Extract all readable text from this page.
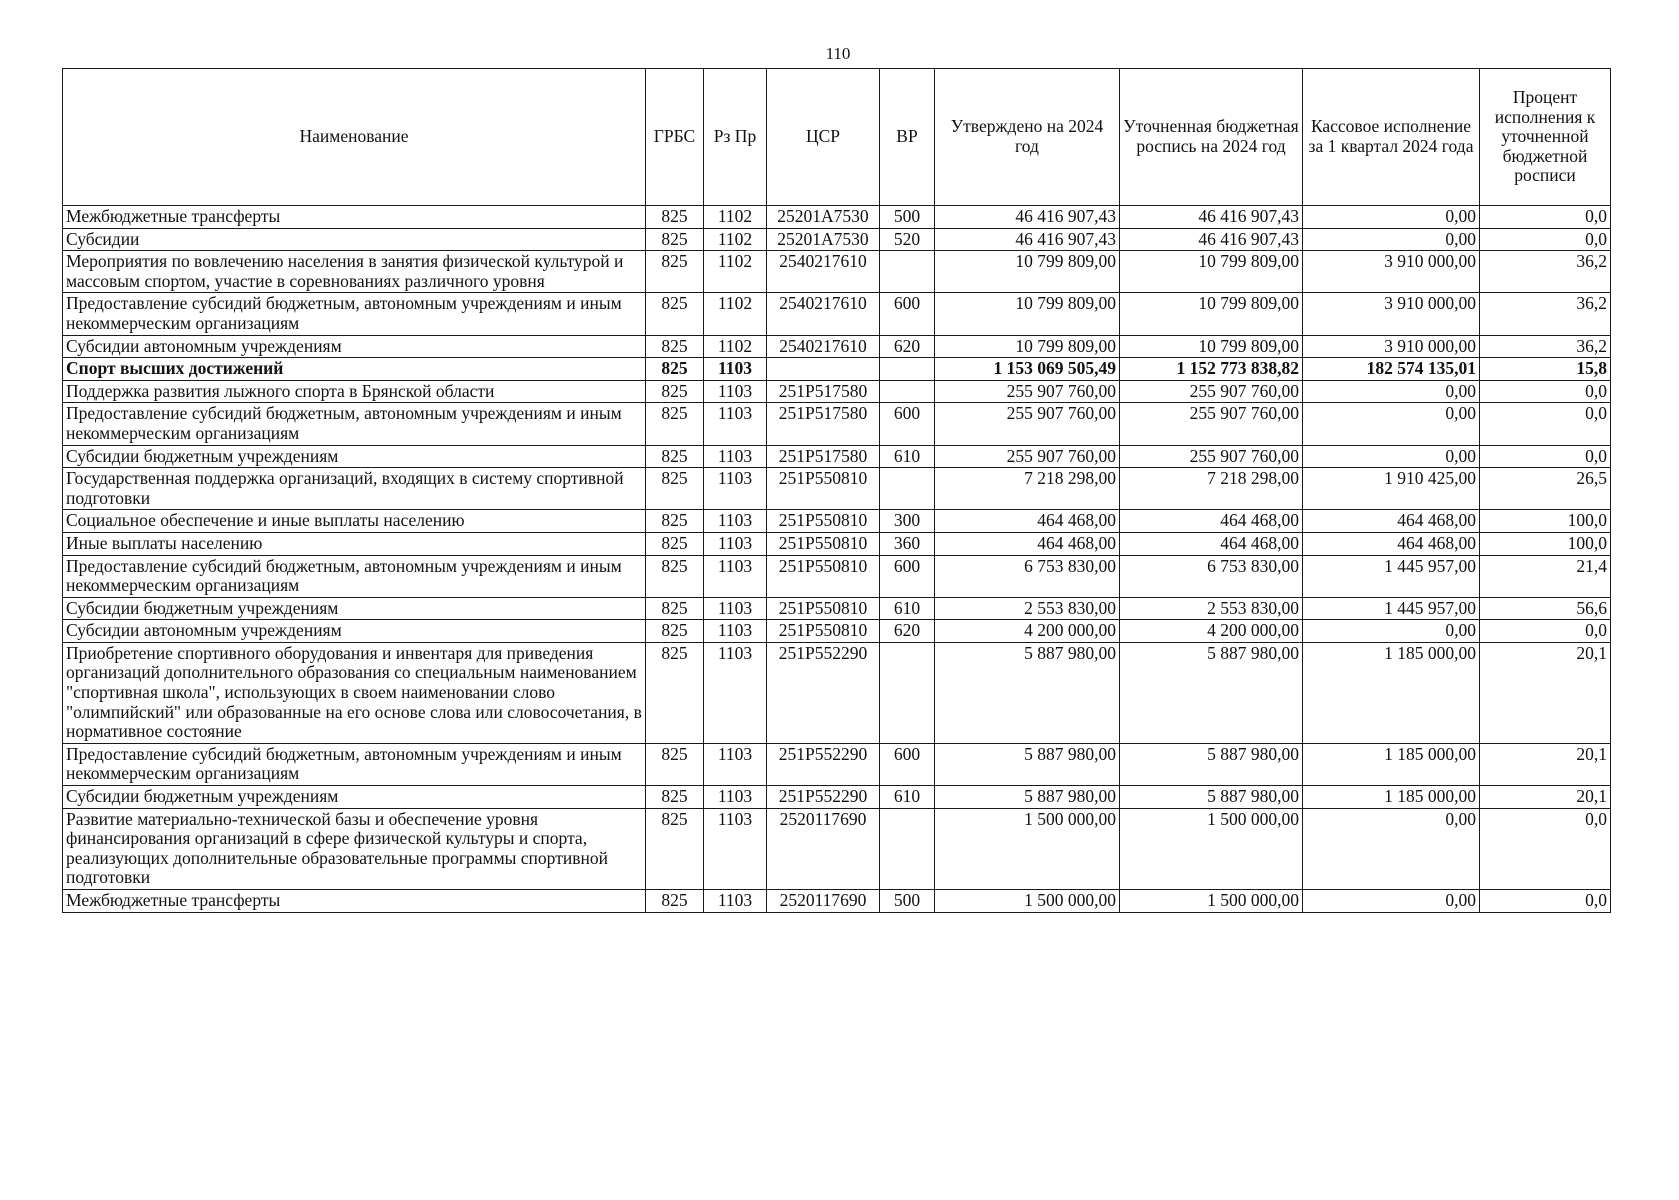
110
Наименование	ГРБС	Рз Пр	ЦСР	ВР	Утверждено на 2024 год	Уточненная бюджетная роспись на 2024 год	Кассовое исполнение за 1 квартал 2024 года	Процент исполнения к уточненной бюджетной росписи
Межбюджетные трансферты	825	1102	25201A7530	500	46 416 907,43	46 416 907,43	0,00	0,0
Субсидии	825	1102	25201A7530	520	46 416 907,43	46 416 907,43	0,00	0,0
Мероприятия по вовлечению населения в занятия физической культурой и массовым спортом, участие в соревнованиях различного уровня	825	1102	2540217610		10 799 809,00	10 799 809,00	3 910 000,00	36,2
Предоставление субсидий бюджетным, автономным учреждениям и иным некоммерческим организациям	825	1102	2540217610	600	10 799 809,00	10 799 809,00	3 910 000,00	36,2
Субсидии автономным учреждениям	825	1102	2540217610	620	10 799 809,00	10 799 809,00	3 910 000,00	36,2
Спорт высших достижений	825	1103			1 153 069 505,49	1 152 773 838,82	182 574 135,01	15,8
Поддержка развития лыжного спорта в Брянской области	825	1103	251P517580		255 907 760,00	255 907 760,00	0,00	0,0
Предоставление субсидий бюджетным, автономным учреждениям и иным некоммерческим организациям	825	1103	251P517580	600	255 907 760,00	255 907 760,00	0,00	0,0
Субсидии бюджетным учреждениям	825	1103	251P517580	610	255 907 760,00	255 907 760,00	0,00	0,0
Государственная поддержка организаций, входящих в систему спортивной подготовки	825	1103	251P550810		7 218 298,00	7 218 298,00	1 910 425,00	26,5
Социальное обеспечение и иные выплаты населению	825	1103	251P550810	300	464 468,00	464 468,00	464 468,00	100,0
Иные выплаты населению	825	1103	251P550810	360	464 468,00	464 468,00	464 468,00	100,0
Предоставление субсидий бюджетным, автономным учреждениям и иным некоммерческим организациям	825	1103	251P550810	600	6 753 830,00	6 753 830,00	1 445 957,00	21,4
Субсидии бюджетным учреждениям	825	1103	251P550810	610	2 553 830,00	2 553 830,00	1 445 957,00	56,6
Субсидии автономным учреждениям	825	1103	251P550810	620	4 200 000,00	4 200 000,00	0,00	0,0
Приобретение спортивного оборудования и инвентаря для приведения организаций дополнительного образования со специальным наименованием "спортивная школа", использующих в своем наименовании слово "олимпийский" или образованные на его основе слова или словосочетания, в нормативное состояние	825	1103	251P552290		5 887 980,00	5 887 980,00	1 185 000,00	20,1
Предоставление субсидий бюджетным, автономным учреждениям и иным некоммерческим организациям	825	1103	251P552290	600	5 887 980,00	5 887 980,00	1 185 000,00	20,1
Субсидии бюджетным учреждениям	825	1103	251P552290	610	5 887 980,00	5 887 980,00	1 185 000,00	20,1
Развитие материально-технической базы и обеспечение уровня финансирования организаций в сфере физической культуры и спорта, реализующих дополнительные образовательные программы спортивной подготовки	825	1103	2520117690		1 500 000,00	1 500 000,00	0,00	0,0
Межбюджетные трансферты	825	1103	2520117690	500	1 500 000,00	1 500 000,00	0,00	0,0
